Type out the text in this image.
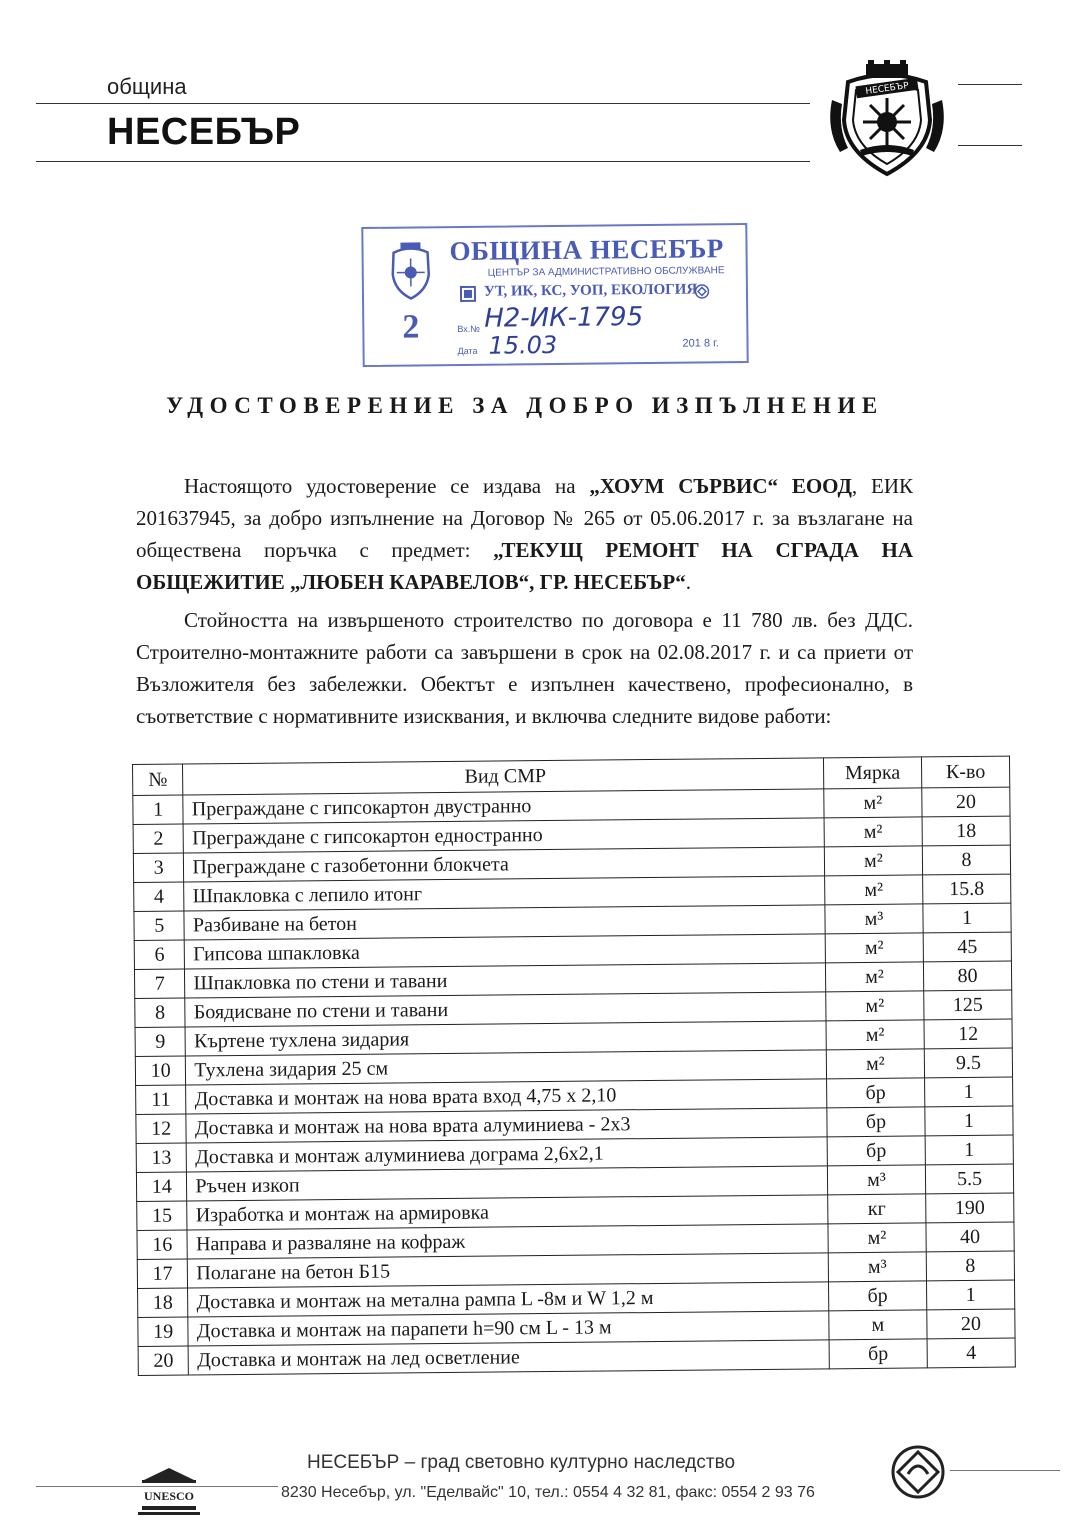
община
НЕСЕБЪР
НЕСЕБЪР
ОБЩИНА НЕСЕБЪР
ЦЕНТЪР ЗА АДМИНИСТРАТИВНО ОБСЛУЖВАНЕ
УТ, ИК, КС, УОП, ЕКОЛОГИЯ
2	Вх.№ Н2-ИК-1795
Дата 15.03	201 8 г.
УДОСТОВЕРЕНИЕ ЗА ДОБРО ИЗПЪЛНЕНИЕ
Настоящото удостоверение се издава на „ХОУМ СЪРВИС“ ЕООД, ЕИК 201637945, за добро изпълнение на Договор № 265 от 05.06.2017 г. за възлагане на обществена поръчка с предмет: „ТЕКУЩ РЕМОНТ НА СГРАДА НА ОБЩЕЖИТИЕ „ЛЮБЕН КАРАВЕЛОВ“, ГР. НЕСЕБЪР“.
Стойността на извършеното строителство по договора е 11 780 лв. без ДДС. Строително-монтажните работи са завършени в срок на 02.08.2017 г. и са приети от Възложителя без забележки. Обектът е изпълнен качествено, професионално, в съответствие с нормативните изисквания, и включва следните видове работи:
№	Вид СМР	Мярка	К-во
1	Преграждане с гипсокартон двустранно	м²	20
2	Преграждане с гипсокартон едностранно	м²	18
3	Преграждане с газобетонни блокчета	м²	8
4	Шпакловка с лепило итонг	м²	15.8
5	Разбиване на бетон	м³	1
6	Гипсова шпакловка	м²	45
7	Шпакловка по стени и тавани	м²	80
8	Боядисване по стени и тавани	м²	125
9	Къртене тухлена зидария	м²	12
10	Тухлена зидария 25 см	м²	9.5
11	Доставка и монтаж на нова врата вход 4,75 х 2,10	бр	1
12	Доставка и монтаж на нова врата алуминиева - 2х3	бр	1
13	Доставка и монтаж алуминиева дограма 2,6х2,1	бр	1
14	Ръчен изкоп	м³	5.5
15	Изработка и монтаж на армировка	кг	190
16	Направа и разваляне на кофраж	м²	40
17	Полагане на бетон Б15	м³	8
18	Доставка и монтаж на метална рампа L -8м и W 1,2 м	бр	1
19	Доставка и монтаж на парапети h=90 см L - 13 м	м	20
20	Доставка и монтаж на лед осветление	бр	4
UNESCO
НЕСЕБЪР – град световно културно наследство
8230 Несебър, ул. "Еделвайс" 10, тел.: 0554 4 32 81, факс: 0554 2 93 76
